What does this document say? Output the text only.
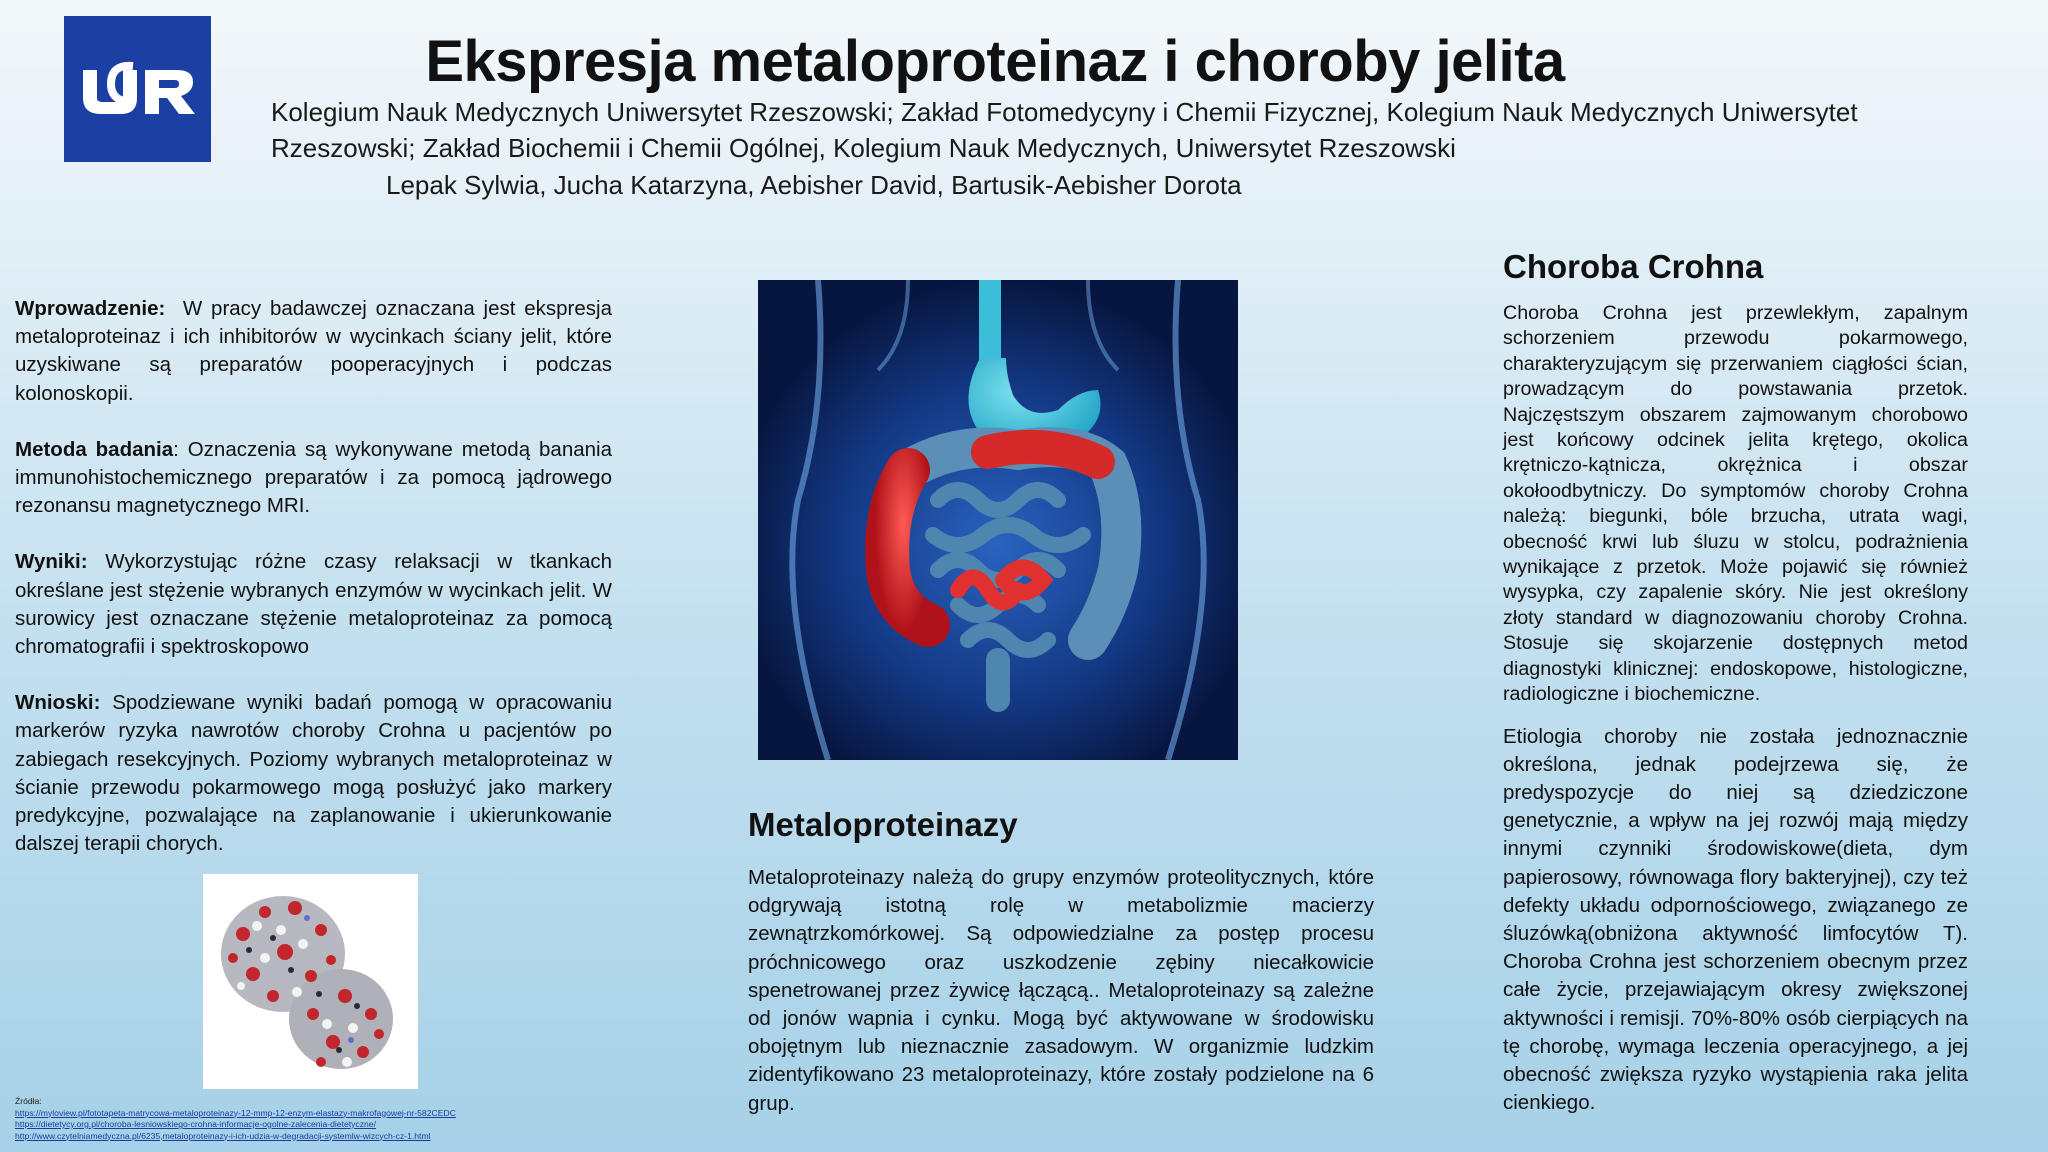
Ekspresja metaloproteinaz i choroby jelita
Kolegium Nauk Medycznych Uniwersytet Rzeszowski; Zakład Fotomedycyny i Chemii Fizycznej, Kolegium Nauk Medycznych Uniwersytet Rzeszowski; Zakład Biochemii i Chemii Ogólnej, Kolegium Nauk Medycznych, Uniwersytet Rzeszowski
Lepak Sylwia, Jucha Katarzyna, Aebisher David, Bartusik-Aebisher Dorota

Wprowadzenie: W pracy badawczej oznaczana jest ekspresja metaloproteinaz i ich inhibitorów w wycinkach ściany jelit, które uzyskiwane są preparatów pooperacyjnych i podczas kolonoskopii.

Metoda badania: Oznaczenia są wykonywane metodą banania immunohistochemicznego preparatów i za pomocą jądrowego rezonansu magnetycznego MRI.

Wyniki: Wykorzystując różne czasy relaksacji w tkankach określane jest stężenie wybranych enzymów w wycinkach jelit. W surowicy jest oznaczane stężenie metaloproteinaz za pomocą chromatografii i spektroskopowo

Wnioski: Spodziewane wyniki badań pomogą w opracowaniu markerów ryzyka nawrotów choroby Crohna u pacjentów po zabiegach resekcyjnych. Poziomy wybranych metaloproteinaz w ścianie przewodu pokarmowego mogą posłużyć jako markery predykcyjne, pozwalające na zaplanowanie i ukierunkowanie dalszej terapii chorych.

Źródła:
https://myloview.pl/fototapeta-matrycowa-metaloproteinazy-12-mmp-12-enzym-elastazy-makrofagowej-nr-582CEDC
https://dietetycy.org.pl/choroba-lesniowskiego-crohna-informacje-ogolne-zalecenia-dietetyczne/
http://www.czytelniamedyczna.pl/6235,metaloproteinazy-i-ich-udzia-w-degradacji-systemlw-wizcych-cz-1.html
Metaloproteinazy

Metaloproteinazy należą do grupy enzymów proteolitycznych, które odgrywają istotną rolę w metabolizmie macierzy zewnątrzkomórkowej. Są odpowiedzialne za postęp procesu próchnicowego oraz uszkodzenie zębiny niecałkowicie spenetrowanej przez żywicę łączącą.. Metaloproteinazy są zależne od jonów wapnia i cynku. Mogą być aktywowane w środowisku obojętnym lub nieznacznie zasadowym. W organizmie ludzkim zidentyfikowano 23 metaloproteinazy, które zostały podzielone na 6 grup.

Choroba Crohna

Choroba Crohna jest przewlekłym, zapalnym schorzeniem przewodu pokarmowego, charakteryzującym się przerwaniem ciągłości ścian, prowadzącym do powstawania przetok. Najczęstszym obszarem zajmowanym chorobowo jest końcowy odcinek jelita krętego, okolica krętniczo-kątnicza, okrężnica i obszar okołoodbytniczy. Do symptomów choroby Crohna należą: biegunki, bóle brzucha, utrata wagi, obecność krwi lub śluzu w stolcu, podrażnienia wynikające z przetok. Może pojawić się również wysypka, czy zapalenie skóry. Nie jest określony złoty standard w diagnozowaniu choroby Crohna. Stosuje się skojarzenie dostępnych metod diagnostyki klinicznej: endoskopowe, histologiczne, radiologiczne i biochemiczne.

Etiologia choroby nie została jednoznacznie określona, jednak podejrzewa się, że predyspozycje do niej są dziedziczone genetycznie, a wpływ na jej rozwój mają między innymi czynniki środowiskowe(dieta, dym papierosowy, równowaga flory bakteryjnej), czy też defekty układu odpornościowego, związanego ze śluzówką(obniżona aktywność limfocytów T). Choroba Crohna jest schorzeniem obecnym przez całe życie, przejawiającym okresy zwiększonej aktywności i remisji. 70%-80% osób cierpiących na tę chorobę, wymaga leczenia operacyjnego, a jej obecność zwiększa ryzyko wystąpienia raka jelita cienkiego.
